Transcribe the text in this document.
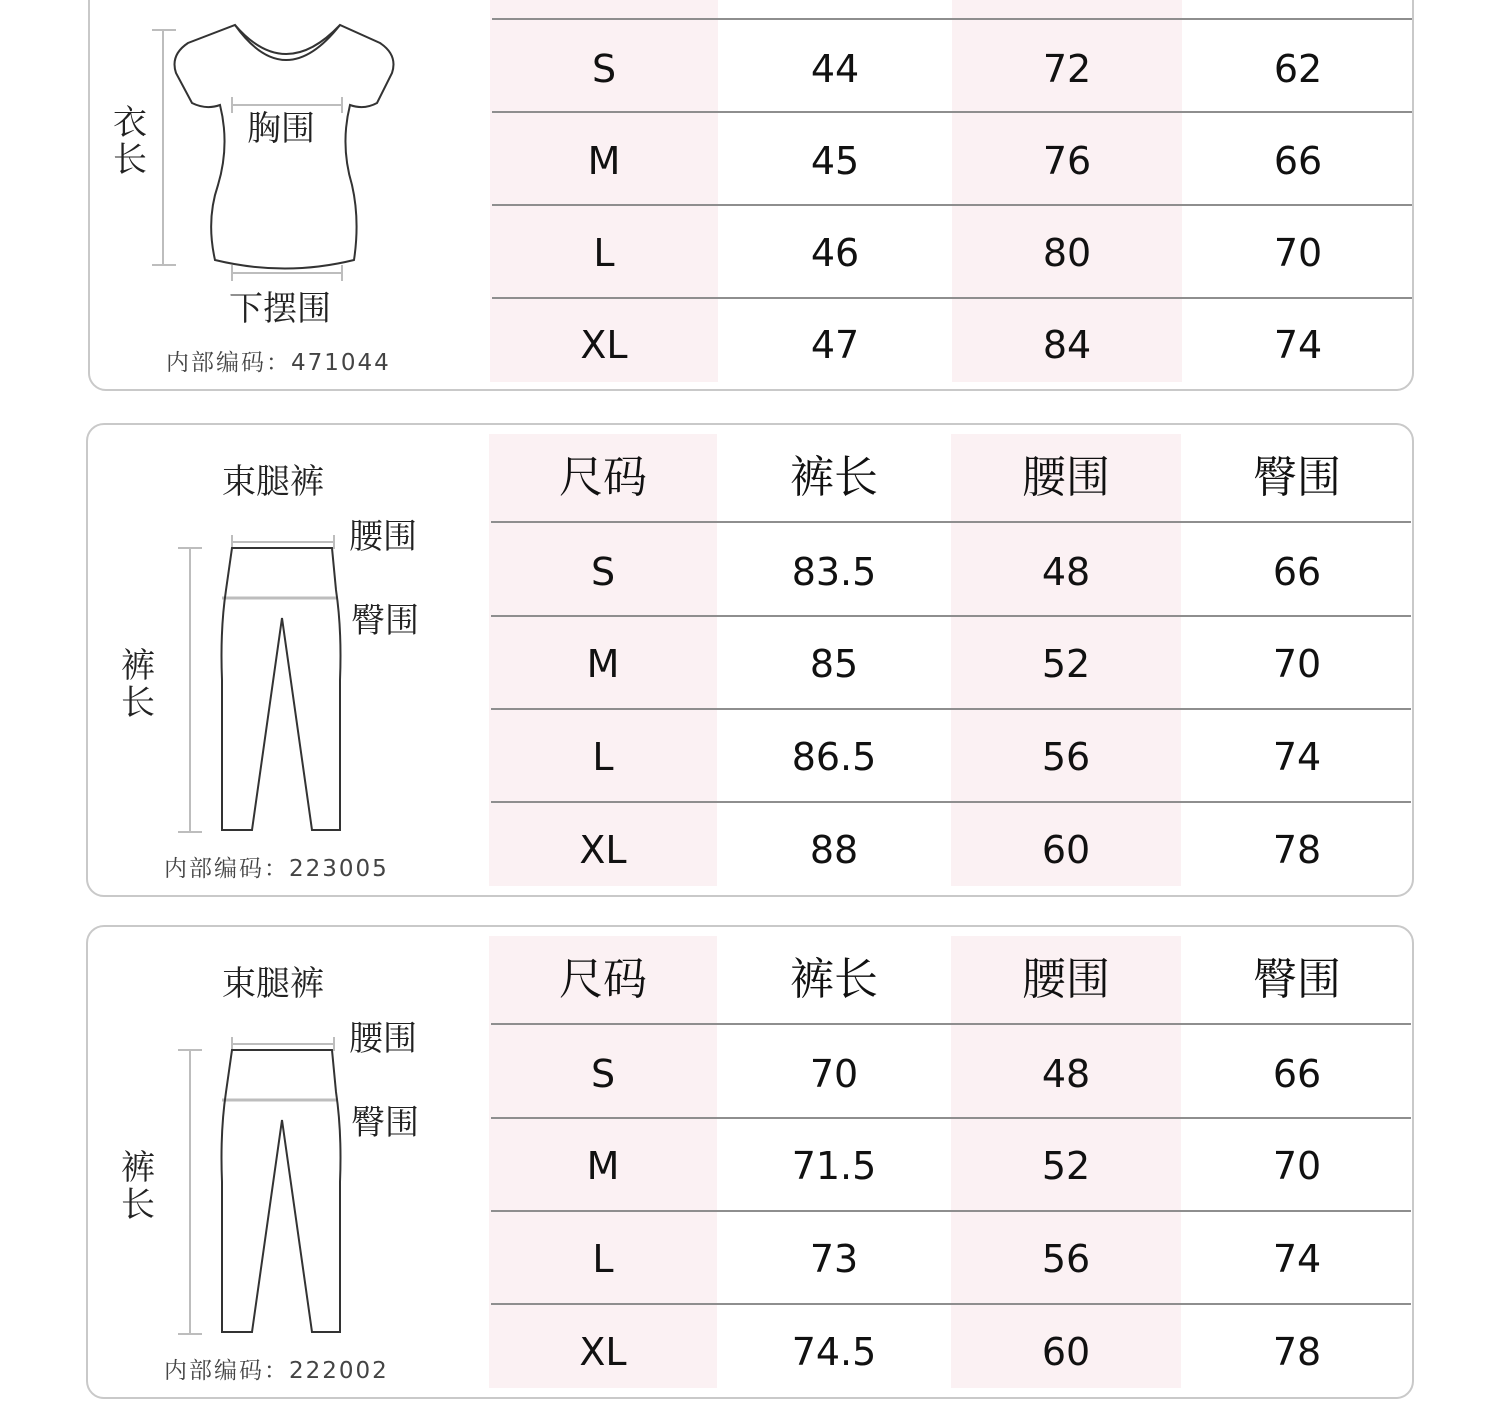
S	44	72	62
M	45	76	66
L	46	80	70
XL	47	84	74
衣长
胸围
下摆围
内部编码：471044
尺码	裤长	腰围	臀围
S	83.5	48	66
M	85	52	70
L	86.5	56	74
XL	88	60	78
束腿裤
腰围
臀围
裤长
内部编码：223005
尺码	裤长	腰围	臀围
S	70	48	66
M	71.5	52	70
L	73	56	74
XL	74.5	60	78
束腿裤
腰围
臀围
裤长
内部编码：222002
